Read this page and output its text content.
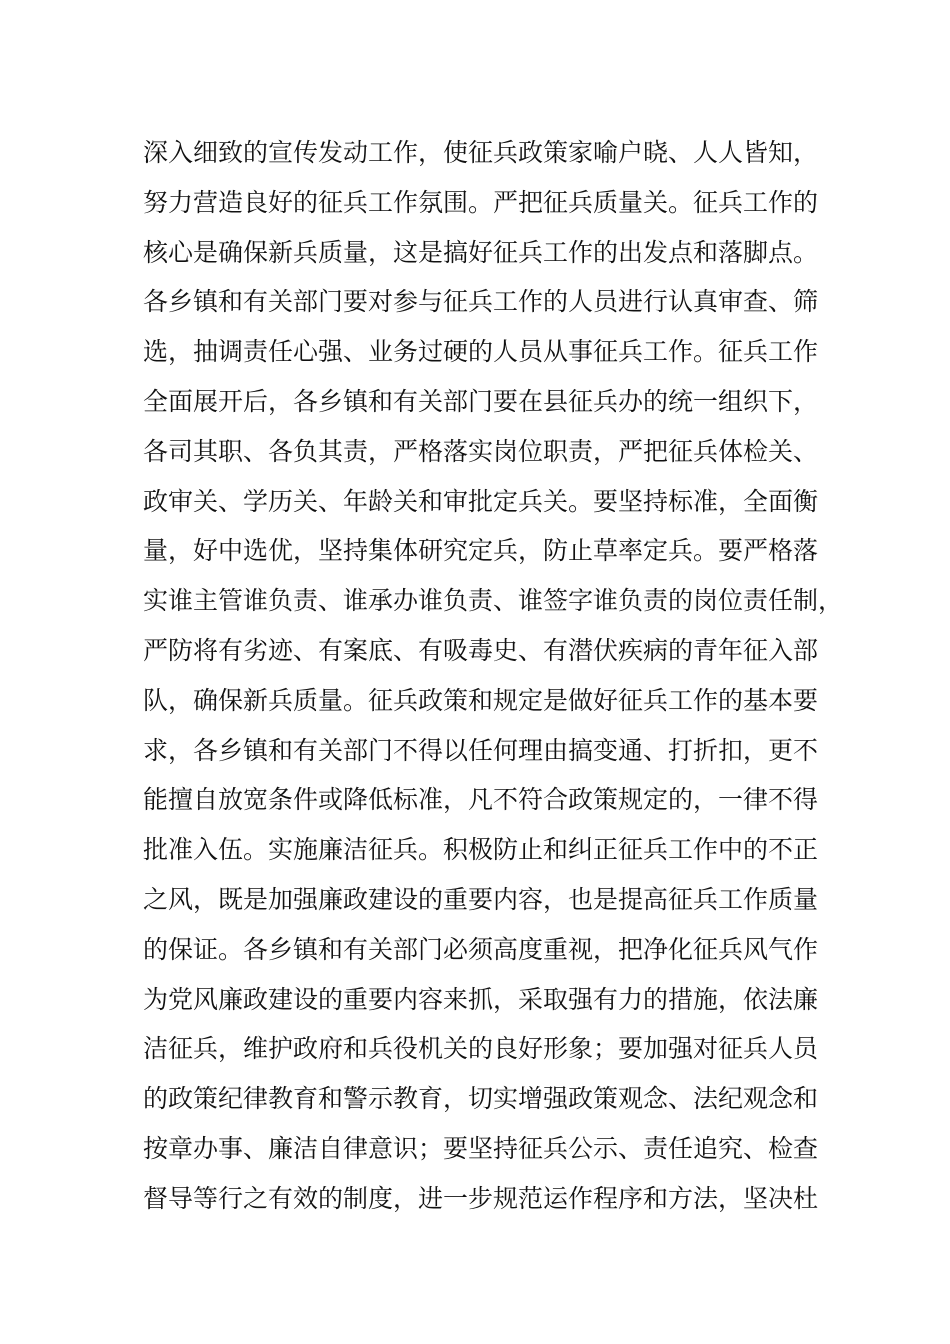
深入细致的宣传发动工作，使征兵政策家喻户晓、人人皆知，
努力营造良好的征兵工作氛围。严把征兵质量关。征兵工作的
核心是确保新兵质量，这是搞好征兵工作的出发点和落脚点。
各乡镇和有关部门要对参与征兵工作的人员进行认真审查、筛
选，抽调责任心强、业务过硬的人员从事征兵工作。征兵工作
全面展开后，各乡镇和有关部门要在县征兵办的统一组织下，
各司其职、各负其责，严格落实岗位职责，严把征兵体检关、
政审关、学历关、年龄关和审批定兵关。要坚持标准，全面衡
量，好中选优，坚持集体研究定兵，防止草率定兵。要严格落
实谁主管谁负责、谁承办谁负责、谁签字谁负责的岗位责任制，
严防将有劣迹、有案底、有吸毒史、有潜伏疾病的青年征入部
队，确保新兵质量。征兵政策和规定是做好征兵工作的基本要
求，各乡镇和有关部门不得以任何理由搞变通、打折扣，更不
能擅自放宽条件或降低标准，凡不符合政策规定的，一律不得
批准入伍。实施廉洁征兵。积极防止和纠正征兵工作中的不正
之风，既是加强廉政建设的重要内容，也是提高征兵工作质量
的保证。各乡镇和有关部门必须高度重视，把净化征兵风气作
为党风廉政建设的重要内容来抓，采取强有力的措施，依法廉
洁征兵，维护政府和兵役机关的良好形象；要加强对征兵人员
的政策纪律教育和警示教育，切实增强政策观念、法纪观念和
按章办事、廉洁自律意识；要坚持征兵公示、责任追究、检查
督导等行之有效的制度，进一步规范运作程序和方法，坚决杜
